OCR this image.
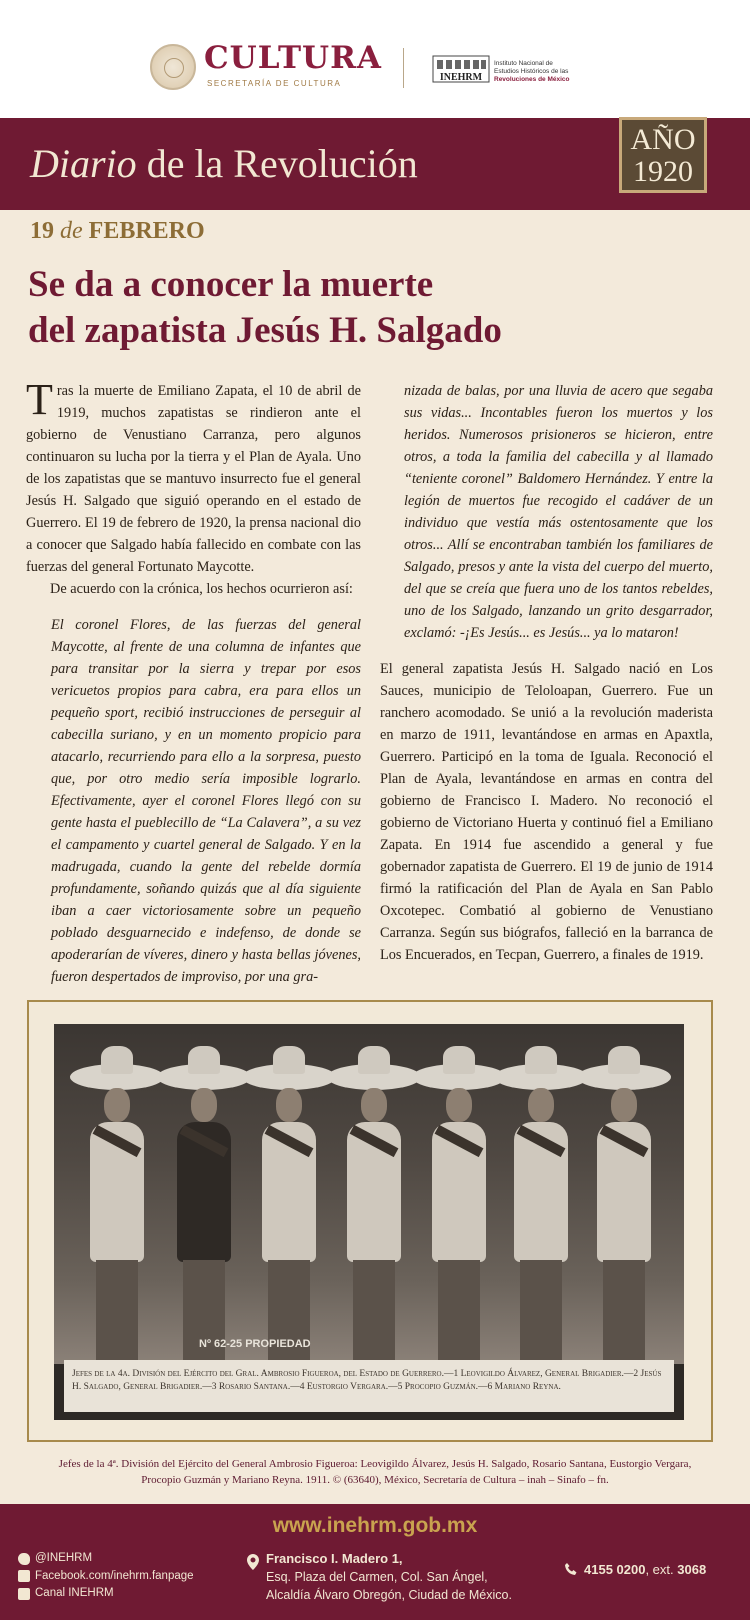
CULTURA
SECRETARÍA DE CULTURA
INEHRM
Instituto Nacional de
Estudios Históricos de las
Revoluciones de México
Diario de la Revolución
AÑO
1920
19 de FEBRERO
Se da a conocer la muerte
del zapatista Jesús H. Salgado

Tras la muerte de Emiliano Zapata, el 10 de abril de 1919, muchos zapatistas se rindieron ante el gobierno de Venustiano Carranza, pero algunos continuaron su lucha por la tierra y el Plan de Ayala. Uno de los zapatistas que se mantuvo insurrecto fue el general Jesús H. Salgado que siguió operando en el estado de Guerrero. El 19 de febrero de 1920, la prensa nacional dio a conocer que Salgado había fallecido en combate con las fuerzas del general Fortunato Maycotte.

De acuerdo con la crónica, los hechos ocurrieron así:

El coronel Flores, de las fuerzas del general Maycotte, al frente de una columna de infantes que para transitar por la sierra y trepar por esos vericuetos propios para cabra, era para ellos un pequeño sport, recibió instrucciones de perseguir al cabecilla suriano, y en un momento propicio para atacarlo, recurriendo para ello a la sorpresa, puesto que, por otro medio sería imposible lograrlo. Efectivamente, ayer el coronel Flores llegó con su gente hasta el pueblecillo de “La Calavera”, a su vez el campamento y cuartel general de Salgado. Y en la madrugada, cuando la gente del rebelde dormía profundamente, soñando quizás que al día siguiente iban a caer victoriosamente sobre un pequeño poblado desguarnecido e indefenso, de donde se apoderarían de víveres, dinero y hasta bellas jóvenes, fueron despertados de improviso, por una gra-

nizada de balas, por una lluvia de acero que segaba sus vidas... Incontables fueron los muertos y los heridos. Numerosos prisioneros se hicieron, entre otros, a toda la familia del cabecilla y al llamado “teniente coronel” Baldomero Hernández. Y entre la legión de muertos fue recogido el cadáver de un individuo que vestía más ostentosamente que los otros... Allí se encontraban también los familiares de Salgado, presos y ante la vista del cuerpo del muerto, del que se creía que fuera uno de los tantos rebeldes, uno de los Salgado, lanzando un grito desgarrador, exclamó: -¡Es Jesús... es Jesús... ya lo mataron!

El general zapatista Jesús H. Salgado nació en Los Sauces, municipio de Teloloapan, Guerrero. Fue un ranchero acomodado. Se unió a la revolución maderista en marzo de 1911, levantándose en armas en Apaxtla, Guerrero. Participó en la toma de Iguala. Reconoció el Plan de Ayala, levantándose en armas en contra del gobierno de Francisco I. Madero. No reconoció el gobierno de Victoriano Huerta y continuó fiel a Emiliano Zapata. En 1914 fue ascendido a general y fue gobernador zapatista de Guerrero. El 19 de junio de 1914 firmó la ratificación del Plan de Ayala en San Pablo Oxcotepec. Combatió al gobierno de Venustiano Carranza. Según sus biógrafos, falleció en la barranca de Los Encuerados, en Tecpan, Guerrero, a finales de 1919.

Nº 62-25 PROPIEDAD
Jefes de la 4a. División del Ejército del Gral. Ambrosio Figueroa, del Estado de Guerrero.—1 Leovigildo Álvarez, General Brigadier.—2 Jesús H. Salgado, General Brigadier.—3 Rosario Santana.—4 Eustorgio Vergara.—5 Procopio Guzmán.—6 Mariano Reyna.
Jefes de la 4ª. División del Ejército del General Ambrosio Figueroa: Leovigildo Álvarez, Jesús H. Salgado, Rosario Santana, Eustorgio Vergara, Procopio Guzmán y Mariano Reyna. 1911. © (63640), México, Secretaría de Cultura – inah – Sinafo – fn.
www.inehrm.gob.mx
@INEHRM
Facebook.com/inehrm.fanpage
Canal INEHRM
Francisco I. Madero 1,
Esq. Plaza del Carmen, Col. San Ángel,
Alcaldía Álvaro Obregón, Ciudad de México.
4155 0200, ext. 3068
